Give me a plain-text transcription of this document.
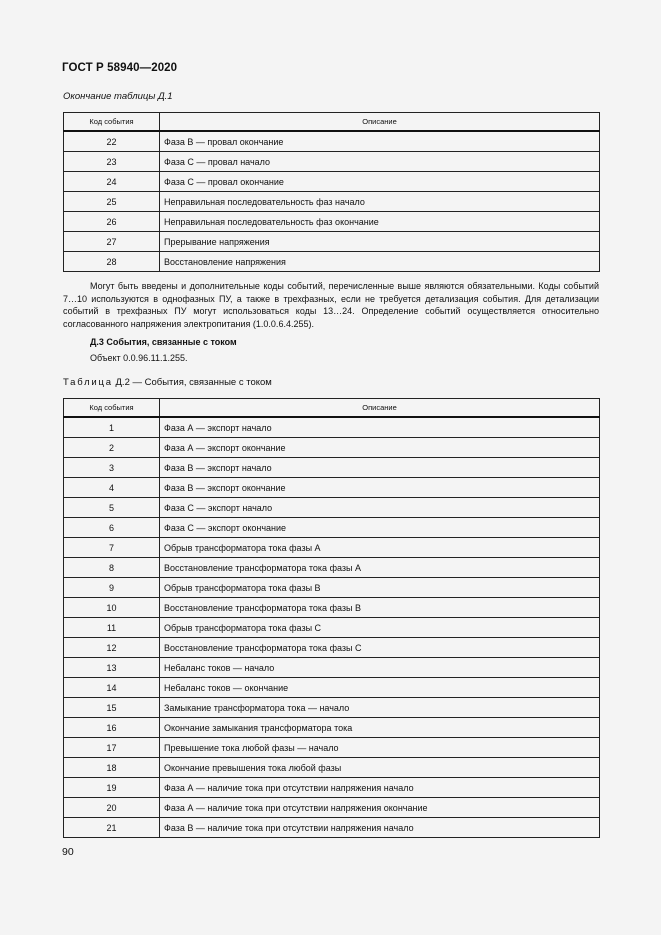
ГОСТ Р 58940—2020
Окончание таблицы Д.1
Код события	Описание
22	Фаза В — провал окончание
23	Фаза С — провал начало
24	Фаза С — провал окончание
25	Неправильная последовательность фаз начало
26	Неправильная последовательность фаз окончание
27	Прерывание напряжения
28	Восстановление напряжения

Могут быть введены и дополнительные коды событий, перечисленные выше являются обязательными. Коды событий 7…10 используются в однофазных ПУ, а также в трехфазных, если не требуется детализация события. Для детализации событий в трехфазных ПУ могут использоваться коды 13…24. Определение событий осуществляется относительно согласованного напряжения электропитания (1.0.0.6.4.255).

Д.3 События, связанные с током
Объект 0.0.96.11.1.255.
Таблица Д.2 — События, связанные с током
Код события	Описание
1	Фаза А — экспорт начало
2	Фаза А — экспорт окончание
3	Фаза В — экспорт начало
4	Фаза В — экспорт окончание
5	Фаза С — экспорт начало
6	Фаза С — экспорт окончание
7	Обрыв трансформатора тока фазы А
8	Восстановление трансформатора тока фазы А
9	Обрыв трансформатора тока фазы В
10	Восстановление трансформатора тока фазы В
11	Обрыв трансформатора тока фазы С
12	Восстановление трансформатора тока фазы С
13	Небаланс токов — начало
14	Небаланс токов — окончание
15	Замыкание трансформатора тока — начало
16	Окончание замыкания трансформатора тока
17	Превышение тока любой фазы — начало
18	Окончание превышения тока любой фазы
19	Фаза А — наличие тока при отсутствии напряжения начало
20	Фаза А — наличие тока при отсутствии напряжения окончание
21	Фаза В — наличие тока при отсутствии напряжения начало
90
